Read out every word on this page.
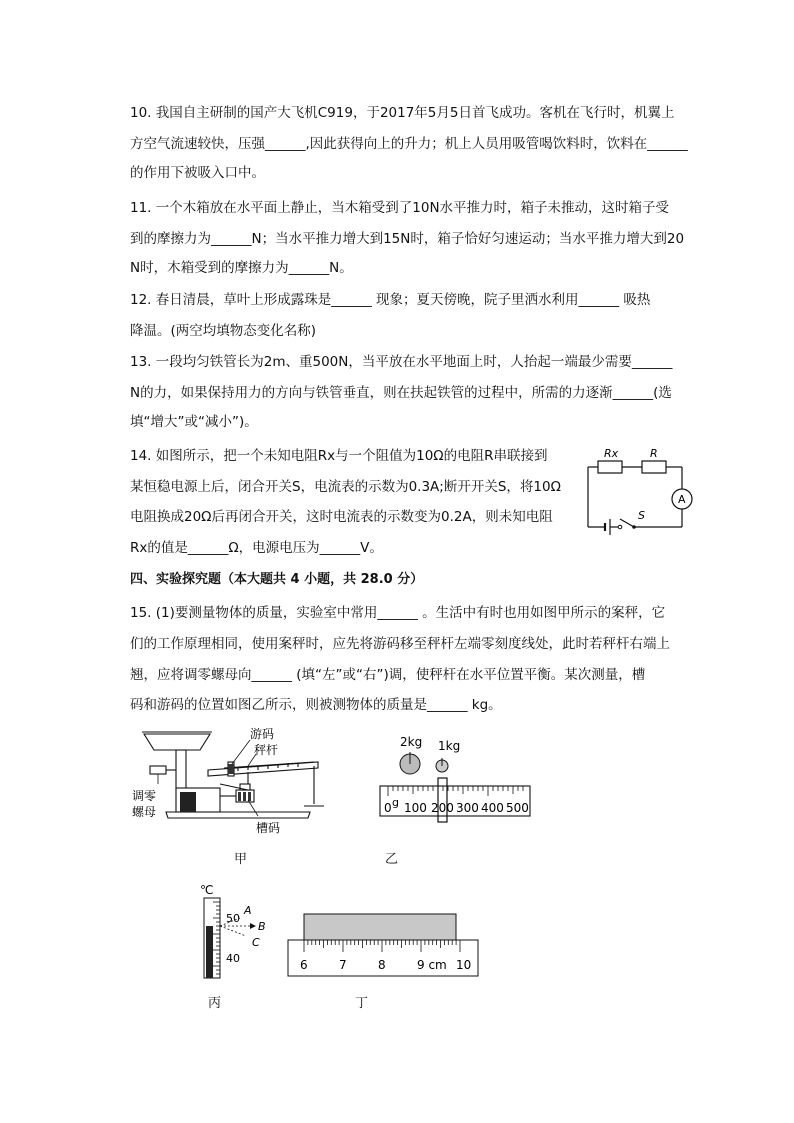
10. 我国自主研制的国产大飞机C919，于2017年5月5日首飞成功。客机在飞行时，机翼上
方空气流速较快，压强______,因此获得向上的升力；机上人员用吸管喝饮料时，饮料在______
的作用下被吸入口中。
11. 一个木箱放在水平面上静止，当木箱受到了10N水平推力时，箱子未推动，这时箱子受
到的摩擦力为______N；当水平推力增大到15N时，箱子恰好匀速运动；当水平推力增大到20
N时，木箱受到的摩擦力为______N。
12. 春日清晨，草叶上形成露珠是______ 现象；夏天傍晚，院子里洒水利用______ 吸热
降温。(两空均填物态变化名称)
13. 一段均匀铁管长为2m、重500N，当平放在水平地面上时，人抬起一端最少需要______
N的力，如果保持用力的方向与铁管垂直，则在扶起铁管的过程中，所需的力逐渐______(选
填“增大”或“减小”)。
14. 如图所示，把一个未知电阻Rx与一个阻值为10Ω的电阻R串联接到
某恒稳电源上后，闭合开关S，电流表的示数为0.3A;断开开关S，将10Ω
电阻换成20Ω后再闭合开关，这时电流表的示数变为0.2A，则未知电阻
Rx的值是______Ω，电源电压为______V。
四、实验探究题（本大题共 4 小题，共 28.0 分）
15. (1)要测量物体的质量，实验室中常用______ 。生活中有时也用如图甲所示的案秤，它
们的工作原理相同，使用案秤时，应先将游码移至秤杆左端零刻度线处，此时若秤杆右端上
翘，应将调零螺母向______ (填“左”或“右”)调，使秤杆在水平位置平衡。某次测量，槽
码和游码的位置如图乙所示，则被测物体的质量是______ kg。
Rx	R
A
S
游码
秤杆
调零
螺母
槽码
甲
2kg 1kg
g
0 100 200 300 400 500
乙
℃
50
40
A
B
C
丙
6	7	8	9 cm 10
丁
